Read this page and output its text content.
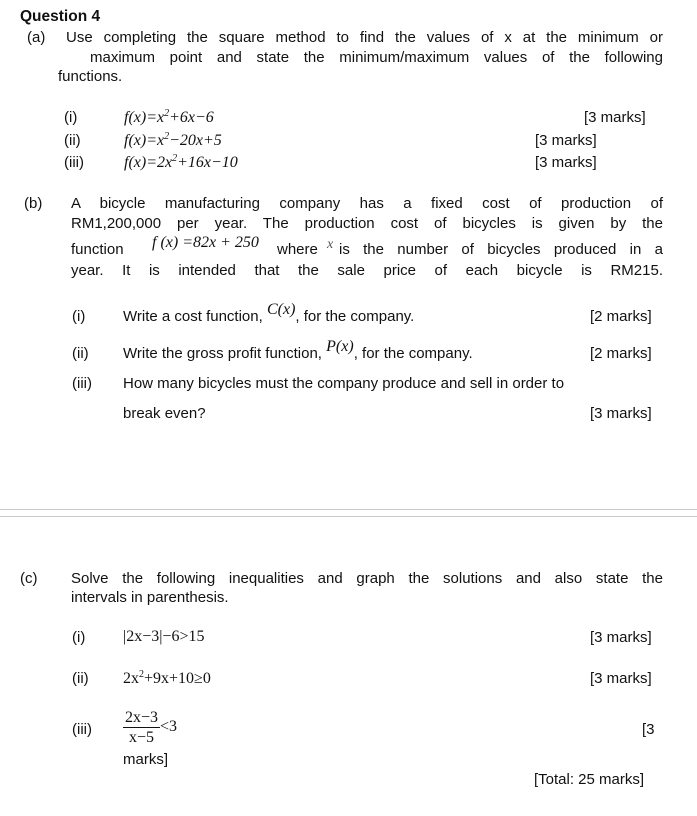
Question 4
(a) Use completing the square method to find the values of x at the minimum or
maximum point and state the minimum/maximum values of the following
functions.
(i)	$f(x)=x^2+6x-6$	[3 marks]
(ii)	$f(x)=x^2-20x+5$	[3 marks]
(iii)	$f(x)=2x^2+16x-10$	[3 marks]
(b) A bicycle manufacturing company has a fixed cost of production of
RM1,200,000 per year. The production cost of bicycles is given by the
function f (x) =82x + 250 where x is the number of bicycles produced in a
year. It is intended that the sale price of each bicycle is RM215.
(i)	Write a cost function, C(x), for the company.	[2 marks]
(ii) Write the gross profit function, P(x), for the company.	[2 marks]
(iii) How many bicycles must the company produce and sell in order to
break even?	[3 marks]
(c) Solve the following inequalities and graph the solutions and also state the
intervals in parenthesis.
(i) |2x−3|−6>15	[3 marks]
(ii) $2x^2+9x+10\ge 0$	[3 marks]
$(iii) \frac{2x-3}{x-5} <3$	[3
marks]
[Total: 25 marks]
